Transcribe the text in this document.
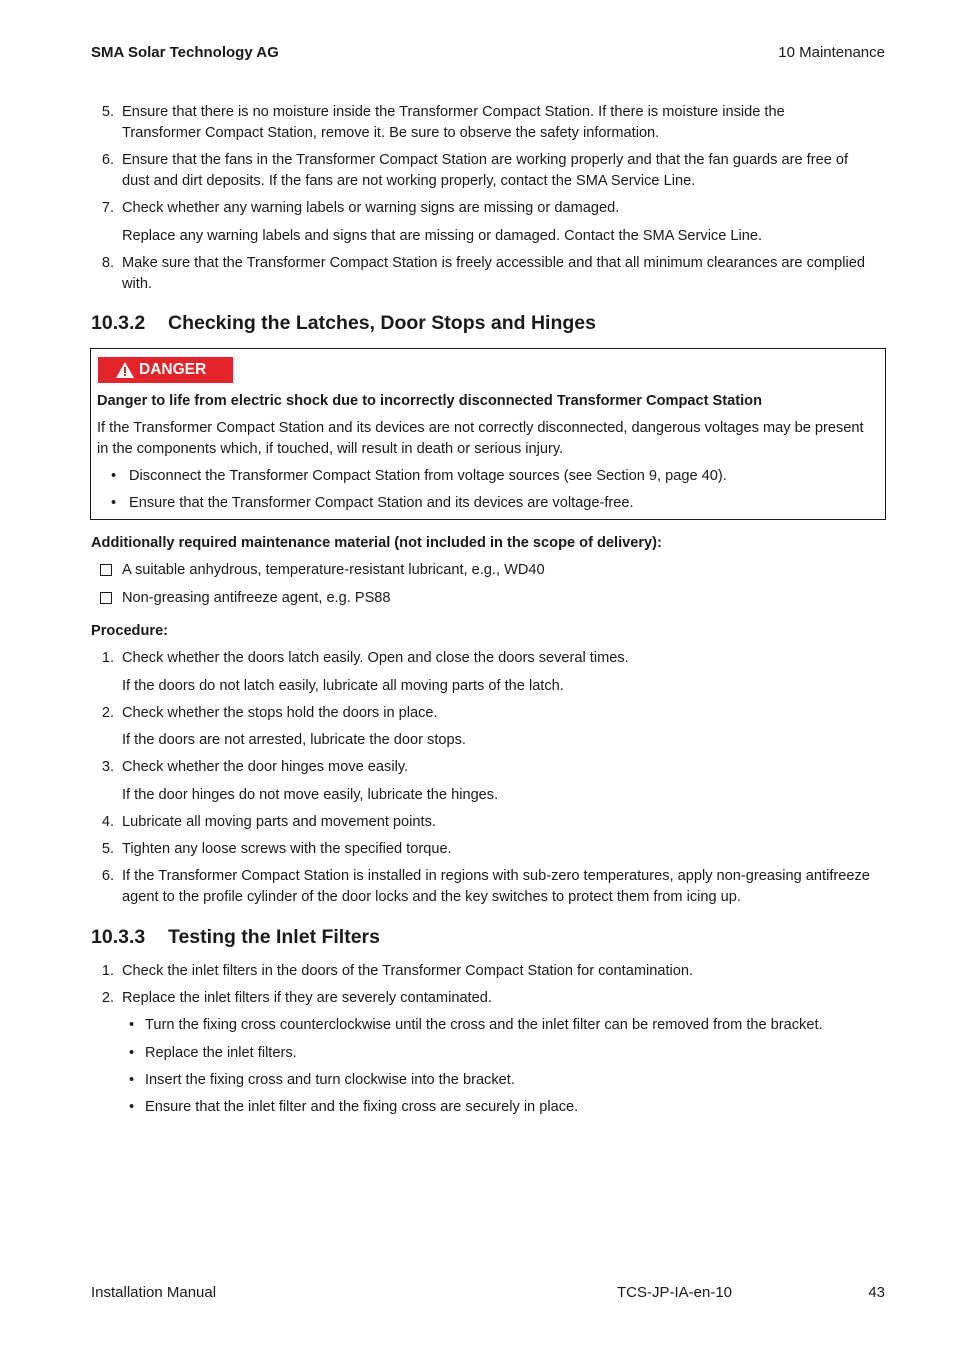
SMA Solar Technology AG	10 Maintenance
5. Ensure that there is no moisture inside the Transformer Compact Station. If there is moisture inside the
Transformer Compact Station, remove it. Be sure to observe the safety information.
6. Ensure that the fans in the Transformer Compact Station are working properly and that the fan guards are free of
dust and dirt deposits. If the fans are not working properly, contact the SMA Service Line.
7. Check whether any warning labels or warning signs are missing or damaged.
Replace any warning labels and signs that are missing or damaged. Contact the SMA Service Line.
8. Make sure that the Transformer Compact Station is freely accessible and that all minimum clearances are complied
with.
10.3.2 Checking the Latches, Door Stops and Hinges
DANGER
Danger to life from electric shock due to incorrectly disconnected Transformer Compact Station
If the Transformer Compact Station and its devices are not correctly disconnected, dangerous voltages may be present
in the components which, if touched, will result in death or serious injury.
• Disconnect the Transformer Compact Station from voltage sources (see Section 9, page 40).
• Ensure that the Transformer Compact Station and its devices are voltage-free.
Additionally required maintenance material (not included in the scope of delivery):
A suitable anhydrous, temperature-resistant lubricant, e.g., WD40
Non-greasing antifreeze agent, e.g. PS88
Procedure:
1. Check whether the doors latch easily. Open and close the doors several times.
If the doors do not latch easily, lubricate all moving parts of the latch.
2. Check whether the stops hold the doors in place.
If the doors are not arrested, lubricate the door stops.
3. Check whether the door hinges move easily.
If the door hinges do not move easily, lubricate the hinges.
4. Lubricate all moving parts and movement points.
5. Tighten any loose screws with the specified torque.
6. If the Transformer Compact Station is installed in regions with sub-zero temperatures, apply non-greasing antifreeze
agent to the profile cylinder of the door locks and the key switches to protect them from icing up.
10.3.3 Testing the Inlet Filters
1. Check the inlet filters in the doors of the Transformer Compact Station for contamination.
2. Replace the inlet filters if they are severely contaminated.
• Turn the fixing cross counterclockwise until the cross and the inlet filter can be removed from the bracket.
• Replace the inlet filters.
• Insert the fixing cross and turn clockwise into the bracket.
• Ensure that the inlet filter and the fixing cross are securely in place.
Installation Manual	TCS-JP-IA-en-10	43
